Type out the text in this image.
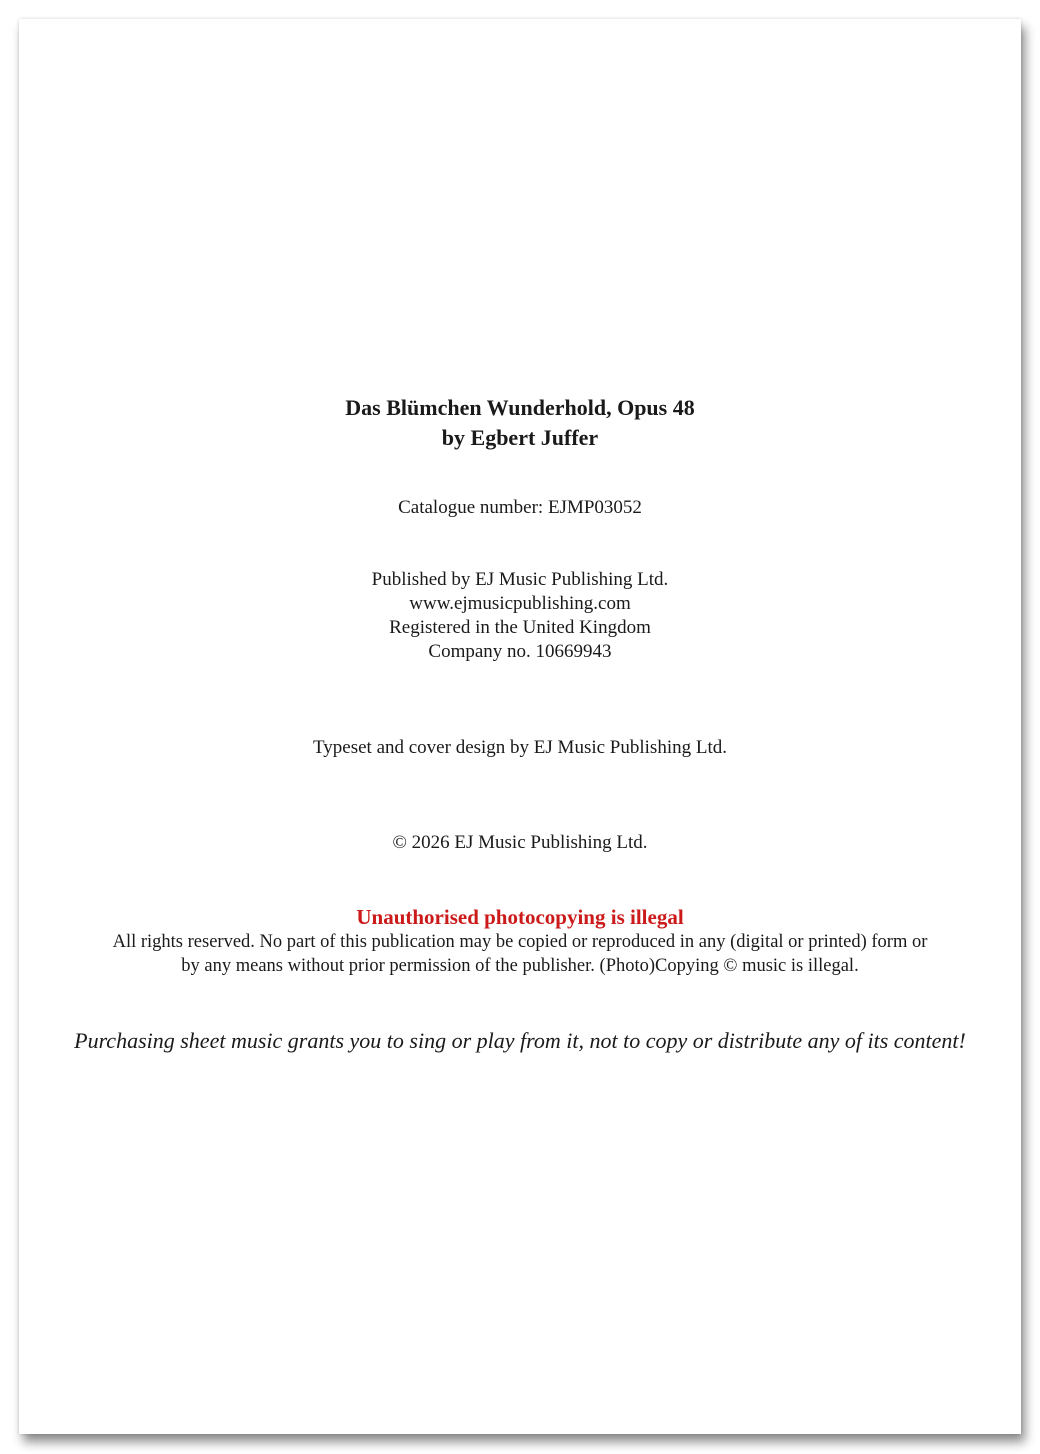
Das Blümchen Wunderhold, Opus 48
by Egbert Juffer
Catalogue number: EJMP03052
Published by EJ Music Publishing Ltd.
www.ejmusicpublishing.com
Registered in the United Kingdom
Company no. 10669943
Typeset and cover design by EJ Music Publishing Ltd.
© 2026 EJ Music Publishing Ltd.
Unauthorised photocopying is illegal
All rights reserved. No part of this publication may be copied or reproduced in any (digital or printed) form or
by any means without prior permission of the publisher. (Photo)Copying © music is illegal.
Purchasing sheet music grants you to sing or play from it, not to copy or distribute any of its content!
